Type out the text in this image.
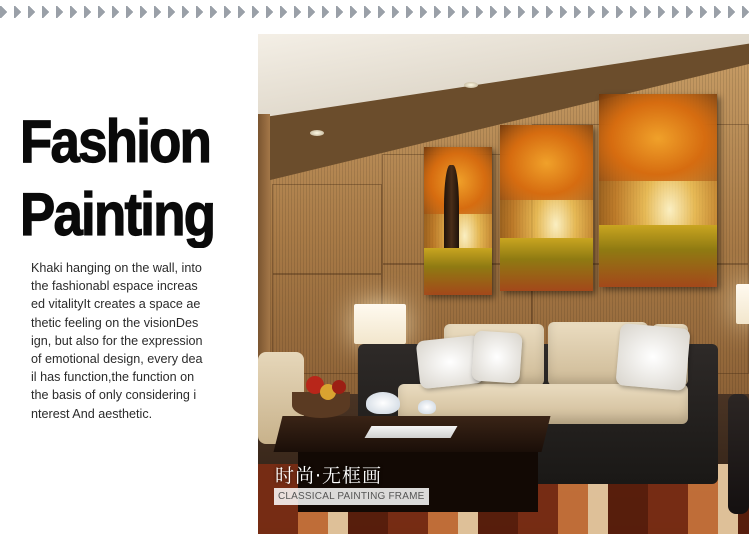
Fashion
Painting
Khaki hanging on the wall, into
the fashionabl espace increas
ed vitalityIt creates a space ae
thetic feeling on the visionDes
ign, but also for the expression
of emotional design, every dea
il has function,the function on
the basis of only considering i
nterest And aesthetic.
时尚·无框画
CLASSICAL PAINTING FRAME
